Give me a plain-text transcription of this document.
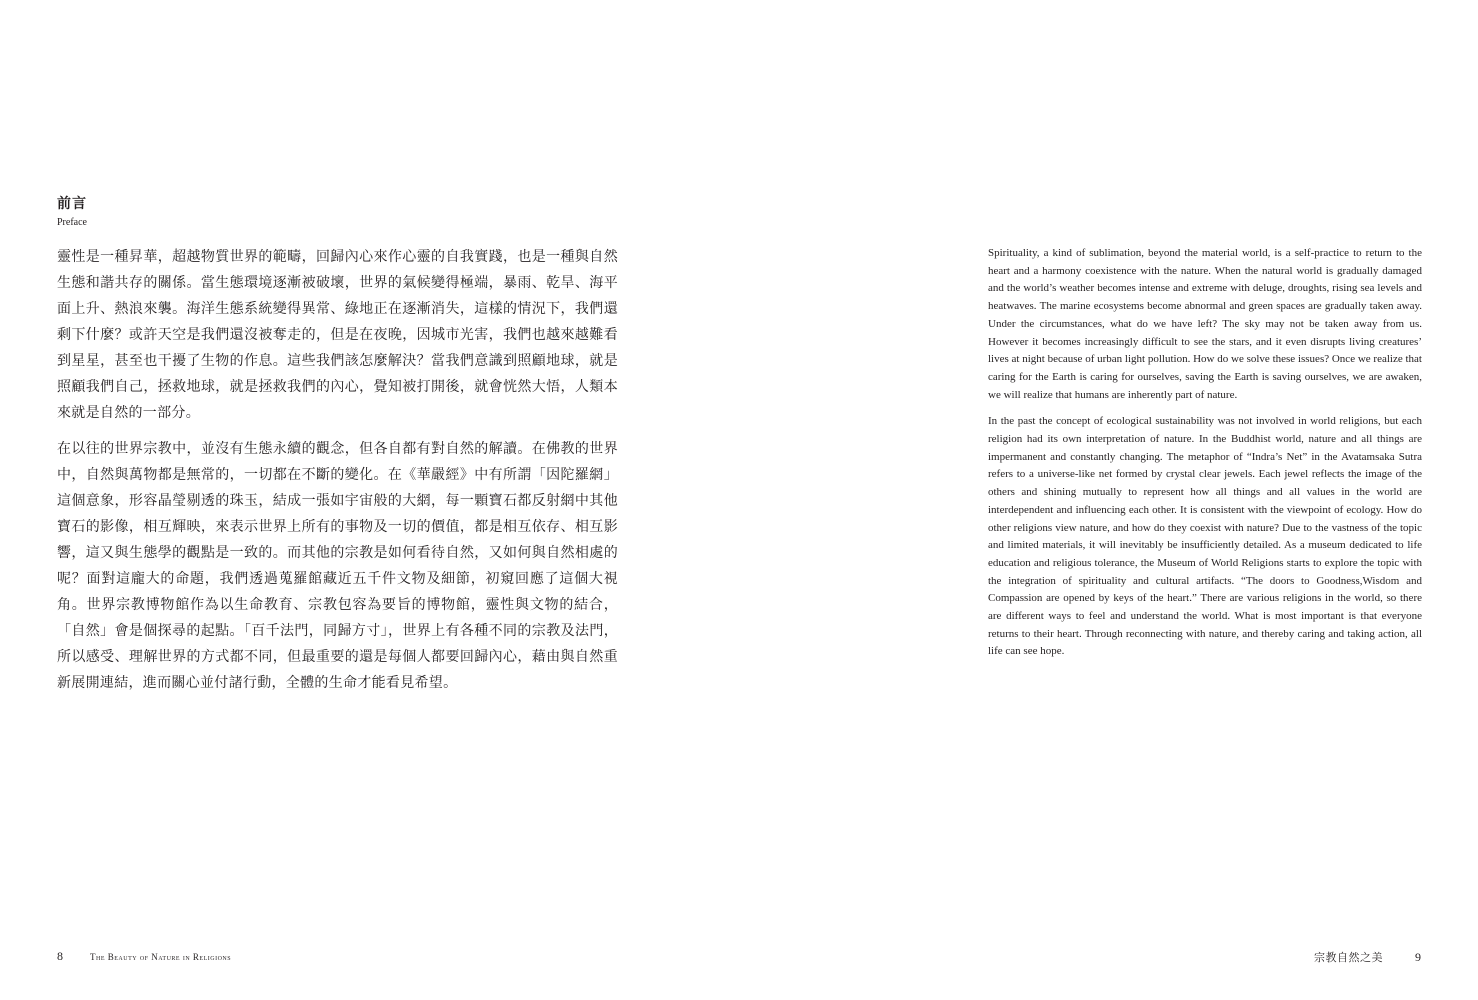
前言
Preface

靈性是一種昇華，超越物質世界的範疇，回歸內心來作心靈的自我實踐，也是一種與自然生態和諧共存的關係。當生態環境逐漸被破壞，世界的氣候變得極端，暴雨、乾旱、海平面上升、熱浪來襲。海洋生態系統變得異常、綠地正在逐漸消失，這樣的情況下，我們還剩下什麼？或許天空是我們還沒被奪走的，但是在夜晚，因城市光害，我們也越來越難看到星星，甚至也干擾了生物的作息。這些我們該怎麼解決？當我們意識到照顧地球，就是照顧我們自己，拯救地球，就是拯救我們的內心，覺知被打開後，就會恍然大悟，人類本來就是自然的一部分。

在以往的世界宗教中，並沒有生態永續的觀念，但各自都有對自然的解讀。在佛教的世界中，自然與萬物都是無常的，一切都在不斷的變化。在《華嚴經》中有所謂「因陀羅網」這個意象，形容晶瑩剔透的珠玉，結成一張如宇宙般的大網，每一顆寶石都反射網中其他寶石的影像，相互輝映，來表示世界上所有的事物及一切的價值，都是相互依存、相互影響，這又與生態學的觀點是一致的。而其他的宗教是如何看待自然，又如何與自然相處的呢？面對這龐大的命題，我們透過蒐羅館藏近五千件文物及細節，初窺回應了這個大視角。世界宗教博物館作為以生命教育、宗教包容為要旨的博物館，靈性與文物的結合，「自然」會是個探尋的起點。「百千法門，同歸方寸」，世界上有各種不同的宗教及法門，所以感受、理解世界的方式都不同，但最重要的還是每個人都要回歸內心，藉由與自然重新展開連結，進而關心並付諸行動，全體的生命才能看見希望。

8	The Beauty of Nature in Religions

Spirituality, a kind of sublimation, beyond the material world, is a self-practice to return to the heart and a harmony coexistence with the nature. When the natural world is gradually damaged and the world’s weather becomes intense and extreme with deluge, droughts, rising sea levels and heatwaves. The marine ecosystems become abnormal and green spaces are gradually taken away. Under the circumstances, what do we have left? The sky may not be taken away from us. However it becomes increasingly difficult to see the stars, and it even disrupts living creatures’ lives at night because of urban light pollution. How do we solve these issues? Once we realize that caring for the Earth is caring for ourselves, saving the Earth is saving ourselves, we are awaken, we will realize that humans are inherently part of nature.

In the past the concept of ecological sustainability was not involved in world religions, but each religion had its own interpretation of nature. In the Buddhist world, nature and all things are impermanent and constantly changing. The metaphor of “Indra’s Net” in the Avatamsaka Sutra refers to a universe-like net formed by crystal clear jewels. Each jewel reflects the image of the others and shining mutually to represent how all things and all values in the world are interdependent and influencing each other. It is consistent with the viewpoint of ecology. How do other religions view nature, and how do they coexist with nature? Due to the vastness of the topic and limited materials, it will inevitably be insufficiently detailed. As a museum dedicated to life education and religious tolerance, the Museum of World Religions starts to explore the topic with the integration of spirituality and cultural artifacts. “The doors to Goodness,Wisdom and Compassion are opened by keys of the heart.” There are various religions in the world, so there are different ways to feel and understand the world. What is most important is that everyone returns to their heart. Through reconnecting with nature, and thereby caring and taking action, all life can see hope.

宗教自然之美	9
